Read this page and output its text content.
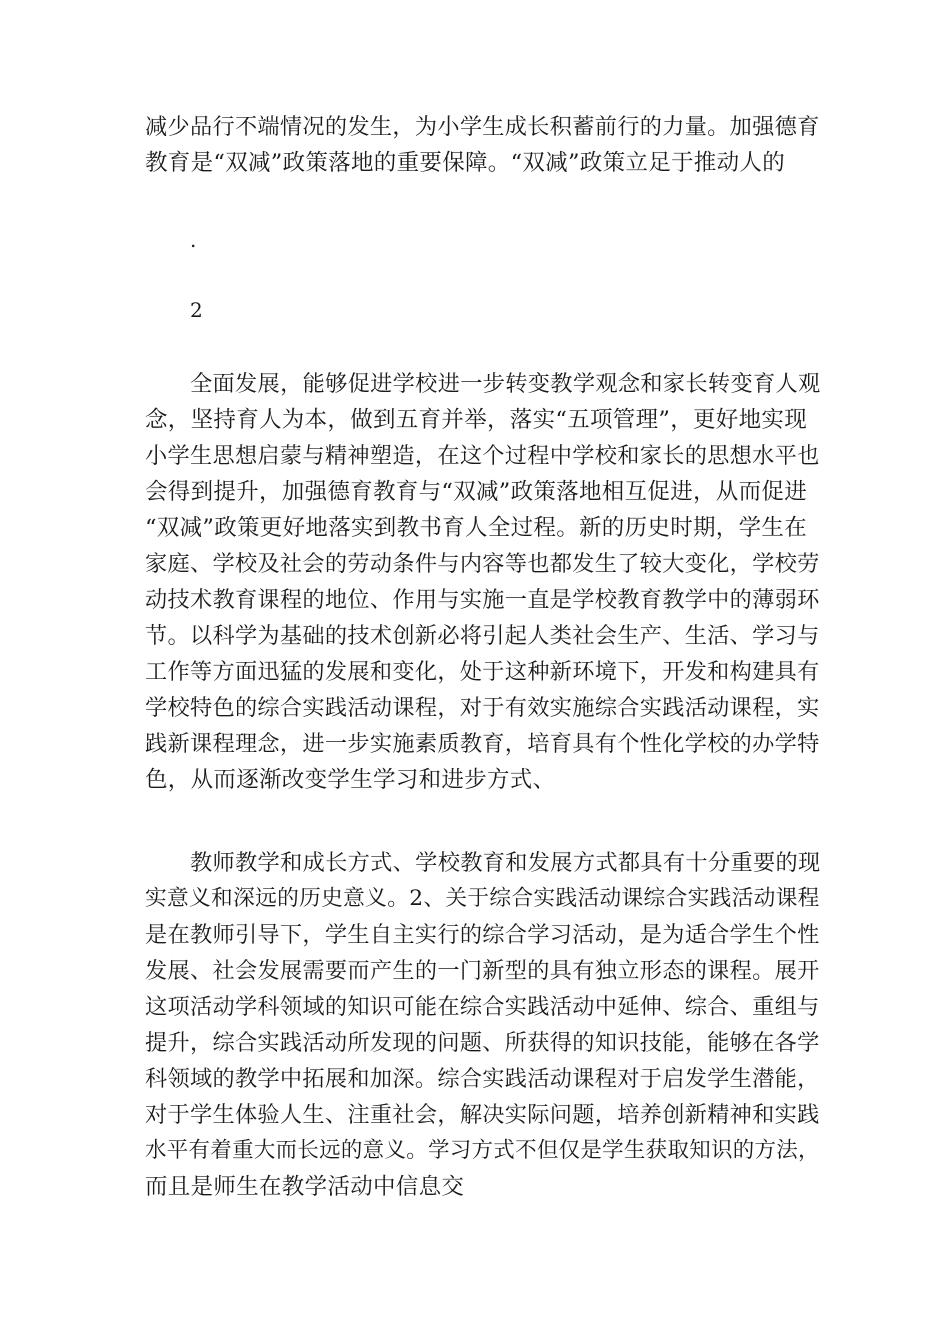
减少品行不端情况的发生，为小学生成长积蓄前行的力量。加强德育
教育是“双减”政策落地的重要保障。“双减”政策立足于推动人的
.
2
全面发展，能够促进学校进一步转变教学观念和家长转变育人观
念，坚持育人为本，做到五育并举，落实“五项管理”，更好地实现
小学生思想启蒙与精神塑造，在这个过程中学校和家长的思想水平也
会得到提升，加强德育教育与“双减”政策落地相互促进，从而促进
“双减”政策更好地落实到教书育人全过程。新的历史时期，学生在
家庭、学校及社会的劳动条件与内容等也都发生了较大变化，学校劳
动技术教育课程的地位、作用与实施一直是学校教育教学中的薄弱环
节。以科学为基础的技术创新必将引起人类社会生产、生活、学习与
工作等方面迅猛的发展和变化，处于这种新环境下，开发和构建具有
学校特色的综合实践活动课程，对于有效实施综合实践活动课程，实
践新课程理念，进一步实施素质教育，培育具有个性化学校的办学特
色，从而逐渐改变学生学习和进步方式、
教师教学和成长方式、学校教育和发展方式都具有十分重要的现
实意义和深远的历史意义。2、关于综合实践活动课综合实践活动课程
是在教师引导下，学生自主实行的综合学习活动，是为适合学生个性
发展、社会发展需要而产生的一门新型的具有独立形态的课程。展开
这项活动学科领域的知识可能在综合实践活动中延伸、综合、重组与
提升，综合实践活动所发现的问题、所获得的知识技能，能够在各学
科领域的教学中拓展和加深。综合实践活动课程对于启发学生潜能，
对于学生体验人生、注重社会，解决实际问题，培养创新精神和实践
水平有着重大而长远的意义。学习方式不但仅是学生获取知识的方法，
而且是师生在教学活动中信息交
